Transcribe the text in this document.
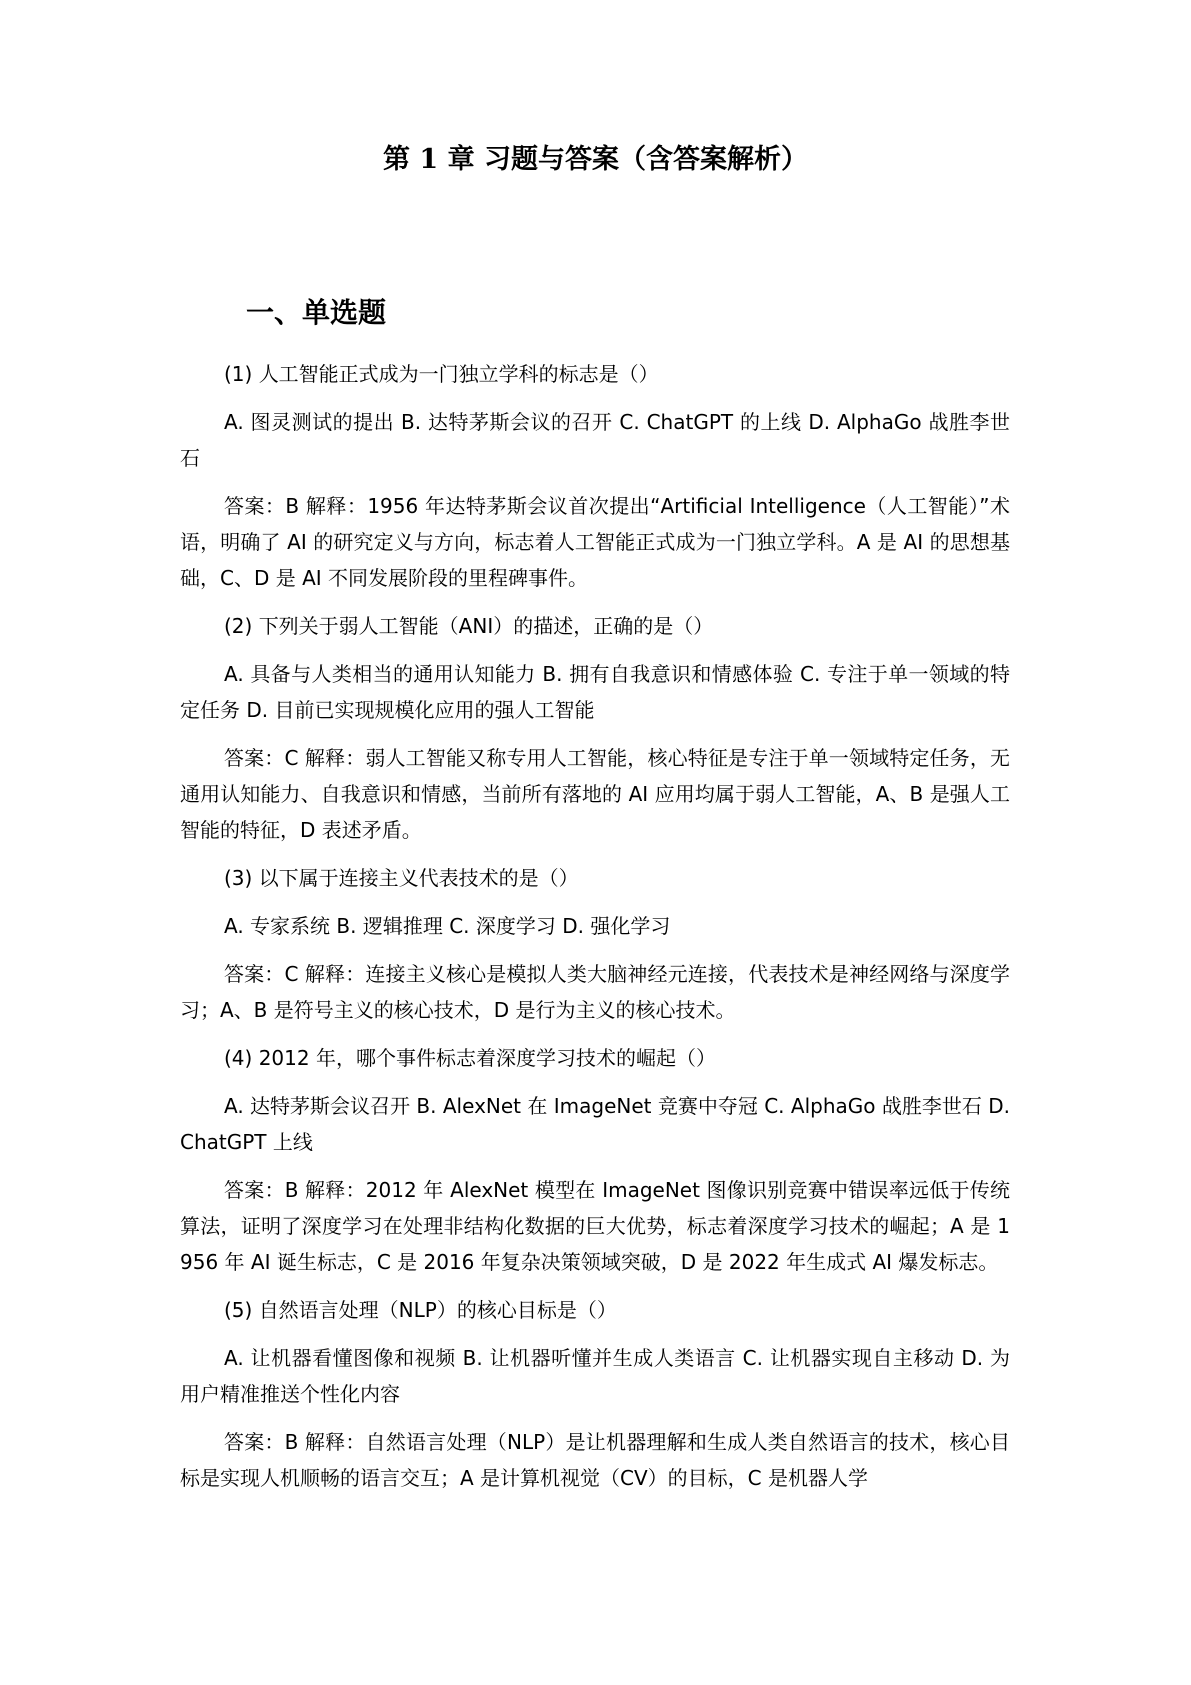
第 1 章 习题与答案（含答案解析）
一、单选题

(1) 人工智能正式成为一门独立学科的标志是（）

A. 图灵测试的提出 B. 达特茅斯会议的召开 C. ChatGPT 的上线 D. AlphaGo 战胜李世石

答案：B 解释：1956 年达特茅斯会议首次提出“Artificial Intelligence（人工智能）”术语，明确了 AI 的研究定义与方向，标志着人工智能正式成为一门独立学科。A 是 AI 的思想基础，C、D 是 AI 不同发展阶段的里程碑事件。

(2) 下列关于弱人工智能（ANI）的描述，正确的是（）

A. 具备与人类相当的通用认知能力 B. 拥有自我意识和情感体验 C. 专注于单一领域的特定任务 D. 目前已实现规模化应用的强人工智能

答案：C 解释：弱人工智能又称专用人工智能，核心特征是专注于单一领域特定任务，无通用认知能力、自我意识和情感，当前所有落地的 AI 应用均属于弱人工智能，A、B 是强人工智能的特征，D 表述矛盾。

(3) 以下属于连接主义代表技术的是（）

A. 专家系统 B. 逻辑推理 C. 深度学习 D. 强化学习

答案：C 解释：连接主义核心是模拟人类大脑神经元连接，代表技术是神经网络与深度学习；A、B 是符号主义的核心技术，D 是行为主义的核心技术。

(4) 2012 年，哪个事件标志着深度学习技术的崛起（）

A. 达特茅斯会议召开 B. AlexNet 在 ImageNet 竞赛中夺冠 C. AlphaGo 战胜李世石 D. ChatGPT 上线

答案：B 解释：2012 年 AlexNet 模型在 ImageNet 图像识别竞赛中错误率远低于传统算法，证明了深度学习在处理非结构化数据的巨大优势，标志着深度学习技术的崛起；A 是 1956 年 AI 诞生标志，C 是 2016 年复杂决策领域突破，D 是 2022 年生成式 AI 爆发标志。

(5) 自然语言处理（NLP）的核心目标是（）

A. 让机器看懂图像和视频 B. 让机器听懂并生成人类语言 C. 让机器实现自主移动 D. 为用户精准推送个性化内容

答案：B 解释：自然语言处理（NLP）是让机器理解和生成人类自然语言的技术，核心目标是实现人机顺畅的语言交互；A 是计算机视觉（CV）的目标，C 是机器人学
